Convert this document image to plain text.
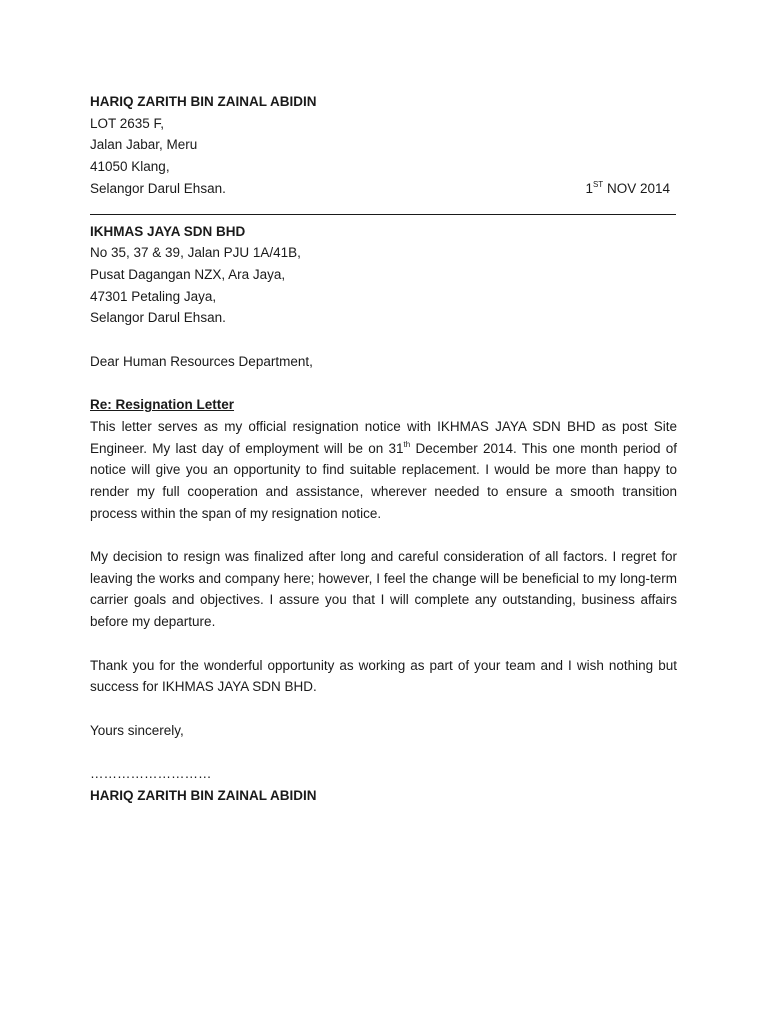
HARIQ ZARITH BIN ZAINAL ABIDIN
LOT 2635 F,
Jalan Jabar, Meru
41050 Klang,
Selangor Darul Ehsan.	1ST NOV 2014
IKHMAS JAYA SDN BHD
No 35, 37 & 39, Jalan PJU 1A/41B,
Pusat Dagangan NZX, Ara Jaya,
47301 Petaling Jaya,
Selangor Darul Ehsan.
Dear Human Resources Department,
Re: Resignation Letter
This letter serves as my official resignation notice with IKHMAS JAYA SDN BHD as post Site Engineer. My last day of employment will be on 31th December 2014. This one month period of notice will give you an opportunity to find suitable replacement. I would be more than happy to render my full cooperation and assistance, wherever needed to ensure a smooth transition process within the span of my resignation notice.
My decision to resign was finalized after long and careful consideration of all factors. I regret for leaving the works and company here; however, I feel the change will be beneficial to my long-term carrier goals and objectives. I assure you that I will complete any outstanding, business affairs before my departure.
Thank you for the wonderful opportunity as working as part of your team and I wish nothing but success for IKHMAS JAYA SDN BHD.
Yours sincerely,
………………………
HARIQ ZARITH BIN ZAINAL ABIDIN
